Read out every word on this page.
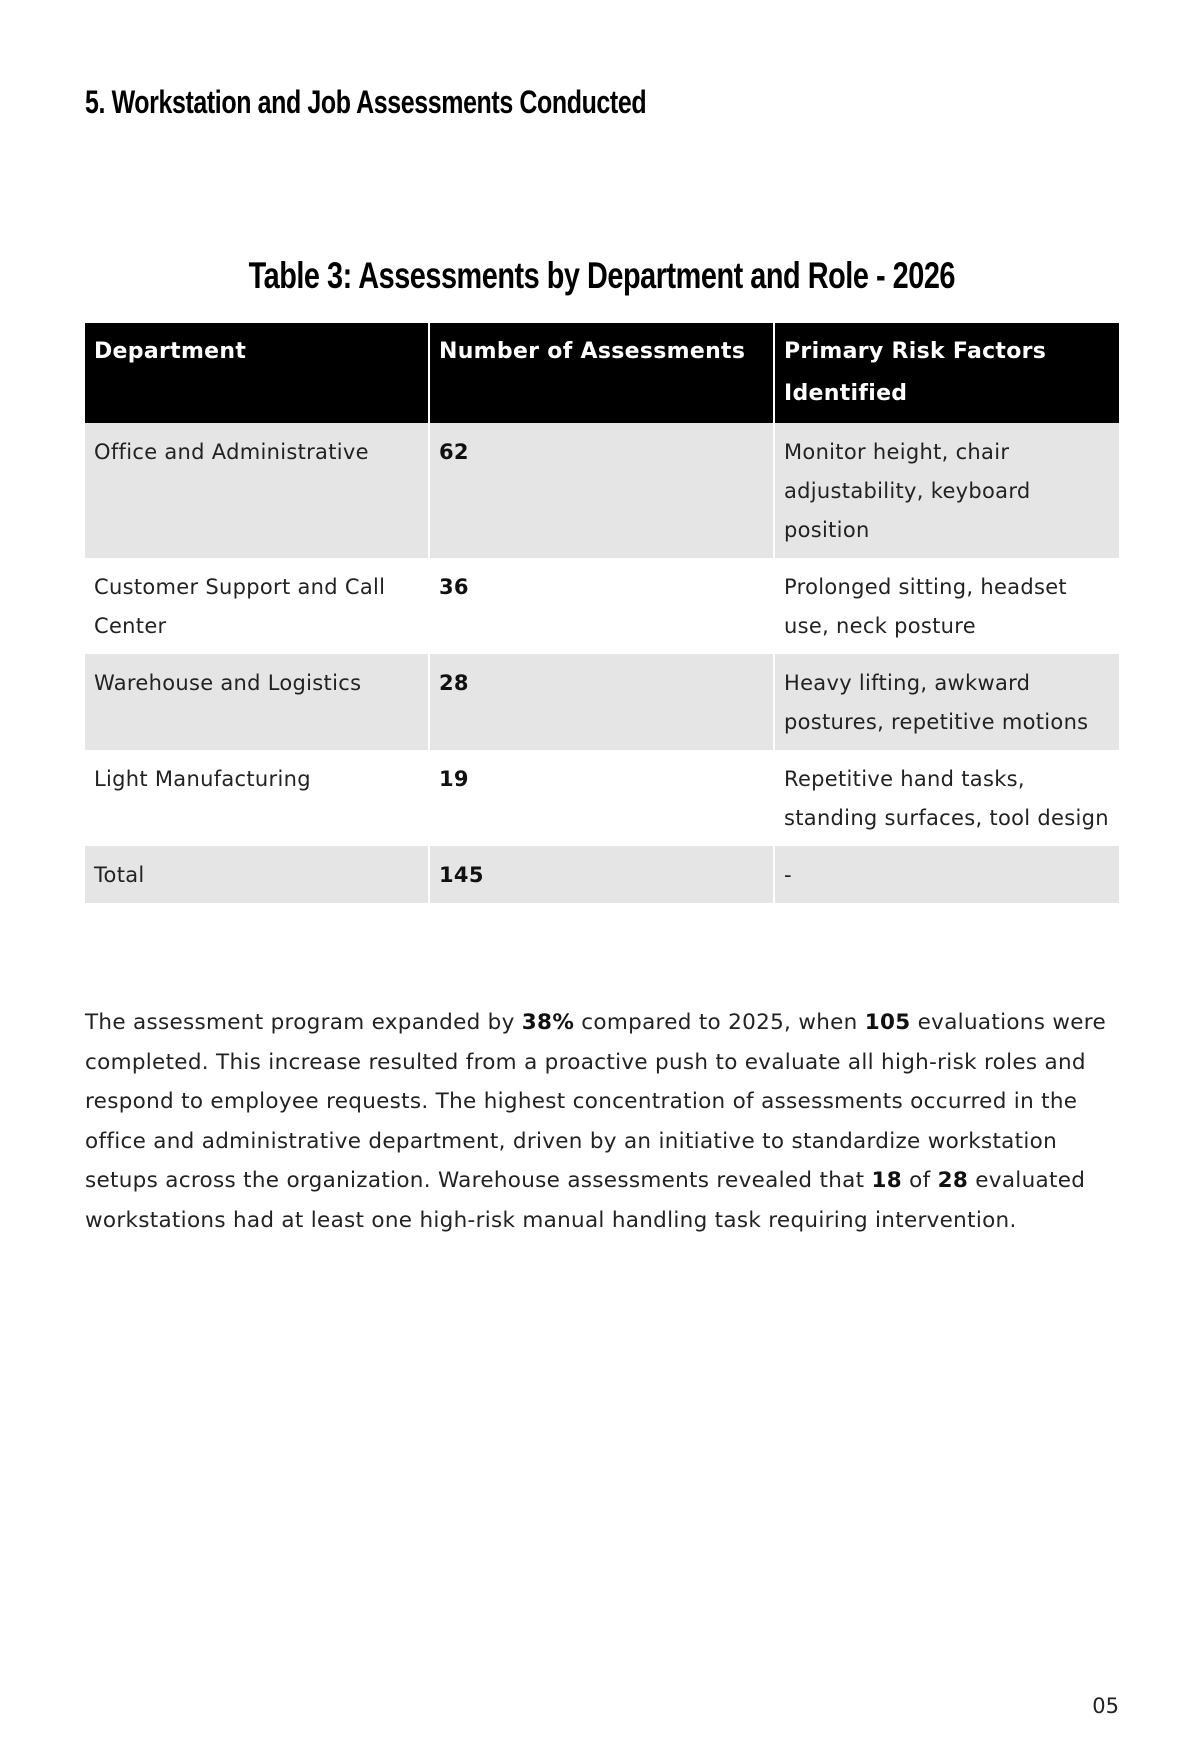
5. Workstation and Job Assessments Conducted
Table 3: Assessments by Department and Role - 2026
Department	Number of Assessments	Primary Risk Factors Identified
Office and Administrative	62	Monitor height, chair adjustability, keyboard position
Customer Support and Call Center	36	Prolonged sitting, headset use, neck posture
Warehouse and Logistics	28	Heavy lifting, awkward postures, repetitive motions
Light Manufacturing	19	Repetitive hand tasks, standing surfaces, tool design
Total	145	-

The assessment program expanded by 38% compared to 2025, when 105 evaluations were completed. This increase resulted from a proactive push to evaluate all high-risk roles and respond to employee requests. The highest concentration of assessments occurred in the office and administrative department, driven by an initiative to standardize workstation setups across the organization. Warehouse assessments revealed that 18 of 28 evaluated workstations had at least one high-risk manual handling task requiring intervention.

05
